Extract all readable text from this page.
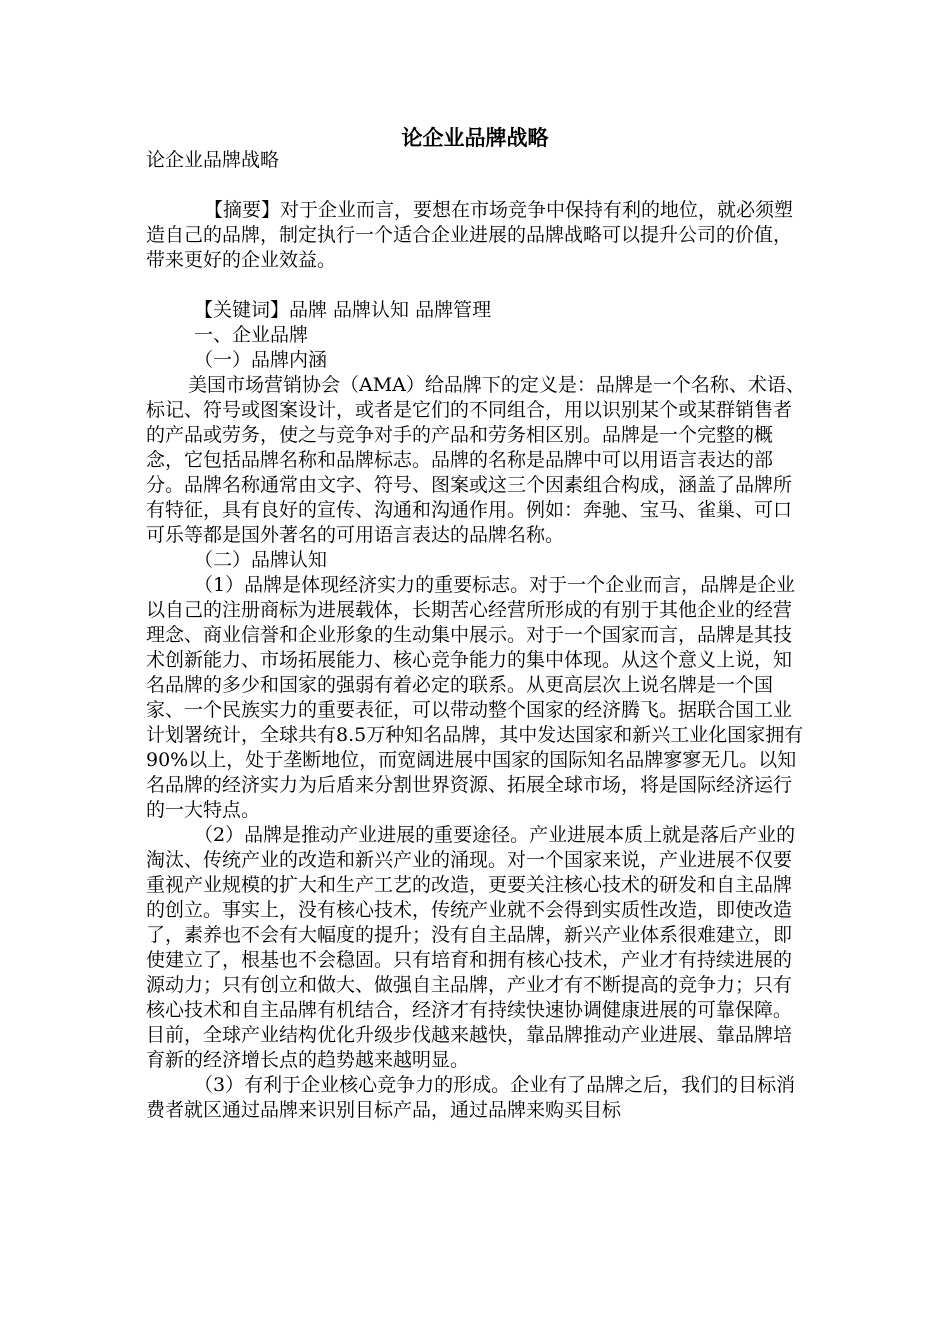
论企业品牌战略

论企业品牌战略

【摘要】对于企业而言，要想在市场竞争中保持有利的地位，就必须塑造自己的品牌，制定执行一个适合企业进展的品牌战略可以提升公司的价值，带来更好的企业效益。

【关键词】品牌 品牌认知 品牌管理

一、企业品牌

（一）品牌内涵

美国市场营销协会（AMA）给品牌下的定义是：品牌是一个名称、术语、标记、符号或图案设计，或者是它们的不同组合，用以识别某个或某群销售者的产品或劳务，使之与竞争对手的产品和劳务相区别。品牌是一个完整的概念，它包括品牌名称和品牌标志。品牌的名称是品牌中可以用语言表达的部分。品牌名称通常由文字、符号、图案或这三个因素组合构成，涵盖了品牌所有特征，具有良好的宣传、沟通和沟通作用。例如：奔驰、宝马、雀巢、可口可乐等都是国外著名的可用语言表达的品牌名称。

（二）品牌认知

（1）品牌是体现经济实力的重要标志。对于一个企业而言，品牌是企业以自己的注册商标为进展载体，长期苦心经营所形成的有别于其他企业的经营理念、商业信誉和企业形象的生动集中展示。对于一个国家而言，品牌是其技术创新能力、市场拓展能力、核心竞争能力的集中体现。从这个意义上说，知名品牌的多少和国家的强弱有着必定的联系。从更高层次上说名牌是一个国家、一个民族实力的重要表征，可以带动整个国家的经济腾飞。据联合国工业计划署统计，全球共有8.5万种知名品牌，其中发达国家和新兴工业化国家拥有90%以上，处于垄断地位，而宽阔进展中国家的国际知名品牌寥寥无几。以知名品牌的经济实力为后盾来分割世界资源、拓展全球市场，将是国际经济运行的一大特点。

（2）品牌是推动产业进展的重要途径。产业进展本质上就是落后产业的淘汰、传统产业的改造和新兴产业的涌现。对一个国家来说，产业进展不仅要重视产业规模的扩大和生产工艺的改造，更要关注核心技术的研发和自主品牌的创立。事实上，没有核心技术，传统产业就不会得到实质性改造，即使改造了，素养也不会有大幅度的提升；没有自主品牌，新兴产业体系很难建立，即使建立了，根基也不会稳固。只有培育和拥有核心技术，产业才有持续进展的源动力；只有创立和做大、做强自主品牌，产业才有不断提高的竞争力；只有核心技术和自主品牌有机结合，经济才有持续快速协调健康进展的可靠保障。目前，全球产业结构优化升级步伐越来越快，靠品牌推动产业进展、靠品牌培育新的经济增长点的趋势越来越明显。

（3）有利于企业核心竞争力的形成。企业有了品牌之后，我们的目标消费者就区通过品牌来识别目标产品，通过品牌来购买目标
